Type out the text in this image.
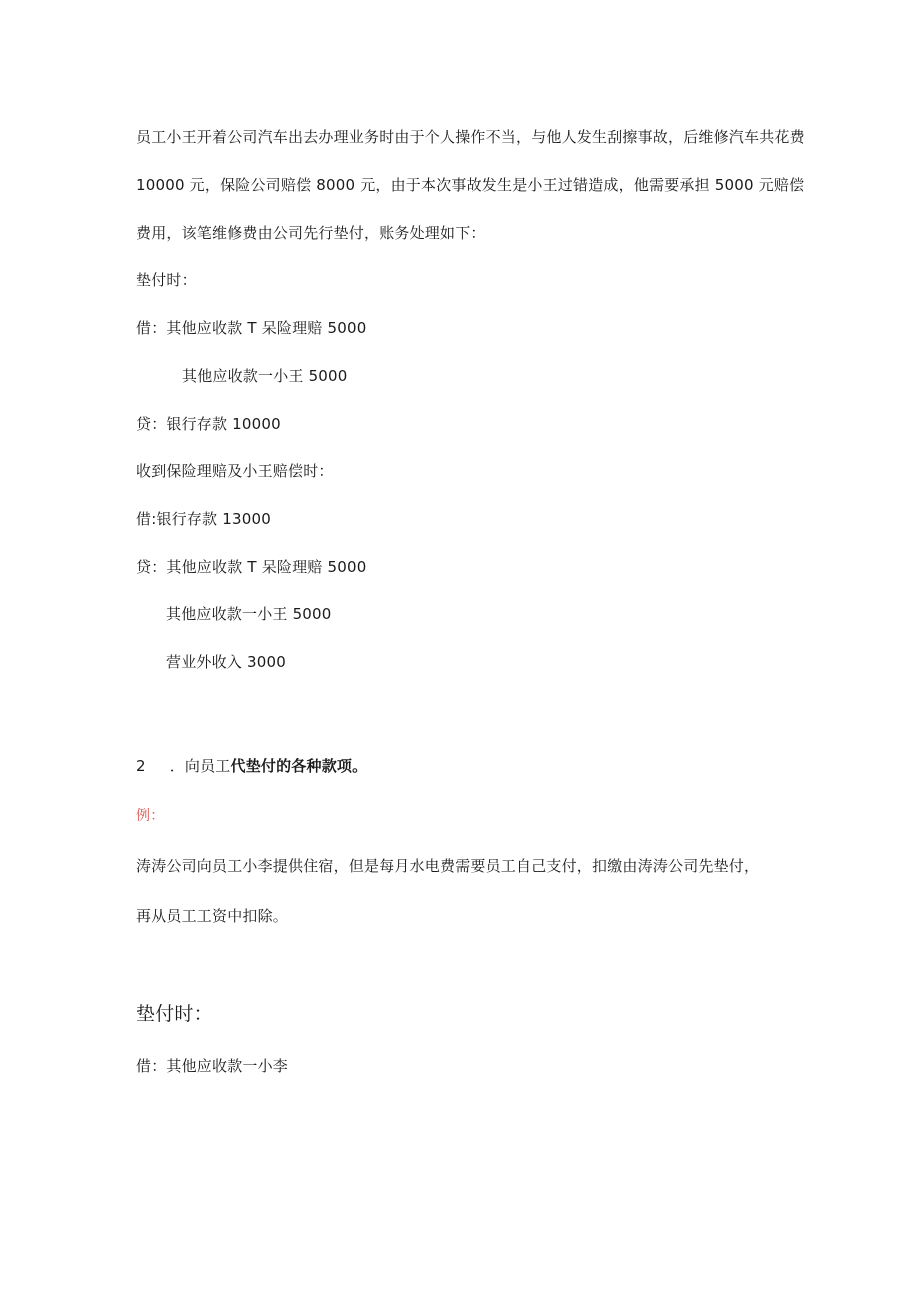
员工小王开着公司汽车出去办理业务时由于个人操作不当，与他人发生刮擦事故，后维修汽车共花费
10000 元，保险公司赔偿 8000 元，由于本次事故发生是小王过错造成，他需要承担 5000 元赔偿
费用，该笔维修费由公司先行垫付，账务处理如下：
垫付时：
借：其他应收款 T 呆险理赔 5000
其他应收款一小王 5000
贷：银行存款 10000
收到保险理赔及小王赔偿时：
借:银行存款 13000
贷：其他应收款 T 呆险理赔 5000
其他应收款一小王 5000
营业外收入 3000
2 ．向员工代垫付的各种款项。
例：
涛涛公司向员工小李提供住宿，但是每月水电费需要员工自己支付，扣缴由涛涛公司先垫付，
再从员工工资中扣除。
垫付时：
借：其他应收款一小李
